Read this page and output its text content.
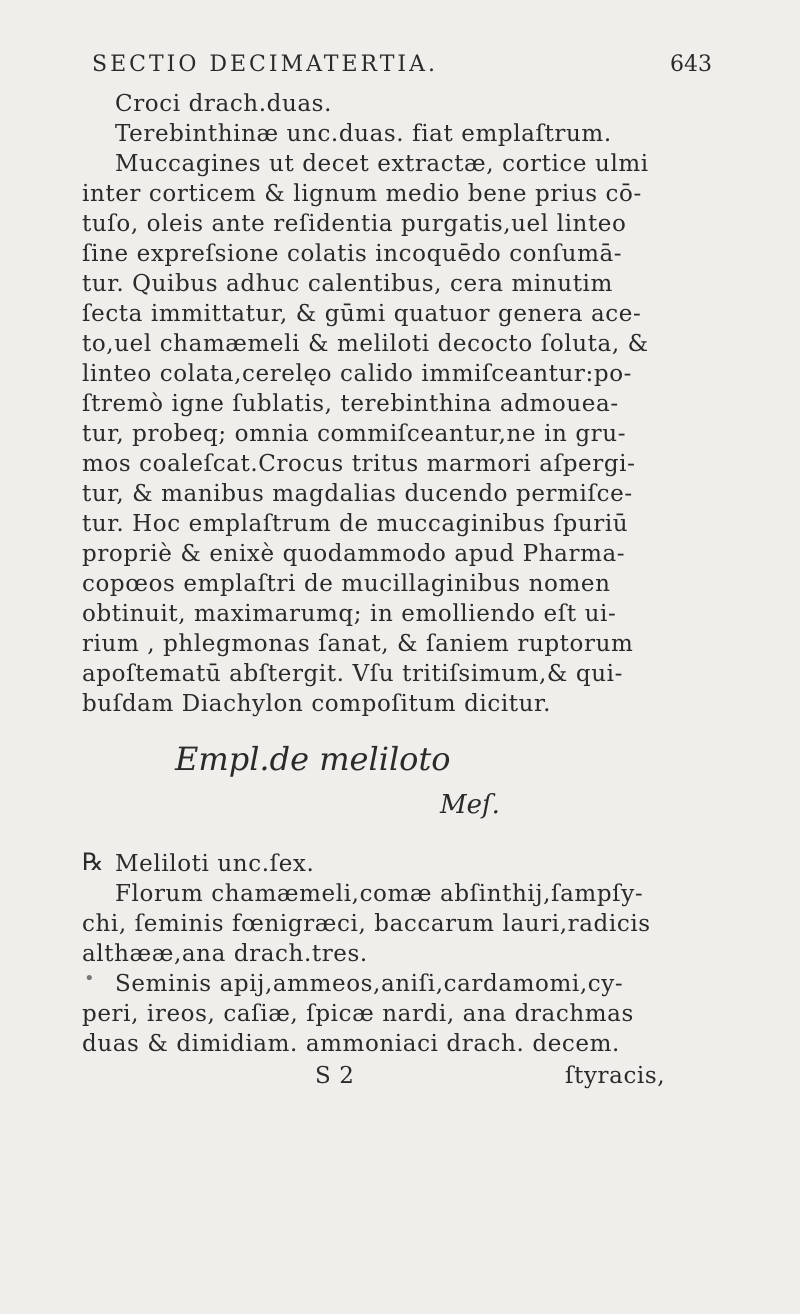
SECTIO DECIMATERTIA.	643
Croci drach.duas.
Terebinthinæ unc.duas. fiat emplaſtrum.
Muccagines ut decet extractæ, cortice ulmi
inter corticem & lignum medio bene prius cō-
tuſo, oleis ante reſidentia purgatis,uel linteo
ſine expreſsione colatis incoquēdo conſumā-
tur. Quibus adhuc calentibus, cera minutim
ſecta immittatur, & gūmi quatuor genera ace-
to,uel chamæmeli & meliloti decocto ſoluta, &
linteo colata,cerelęo calido immiſceantur:po-
ſtremò igne ſublatis, terebinthina admouea-
tur, probeq; omnia commiſceantur,ne in gru-
mos coaleſcat.Crocus tritus marmori aſpergi-
tur, & manibus magdalias ducendo permiſce-
tur. Hoc emplaſtrum de muccaginibus ſpuriū
propriè & enixè quodammodo apud Pharma-
copœos emplaſtri de mucillaginibus nomen
obtinuit, maximarumq; in emolliendo eſt ui-
rium , phlegmonas ſanat, & ſaniem ruptorum
apoſtematū abſtergit. Vſu tritiſsimum,& qui-
buſdam Diachylon compoſitum dicitur.
Empl.de meliloto
Meſ.
℞ Meliloti unc.ſex.
Florum chamæmeli,comæ abſinthij,ſampſy-
chi, ſeminis fœnigræci, baccarum lauri,radicis
althææ,ana drach.tres.
Seminis apij,ammeos,aniſi,cardamomi,cy-
peri, ireos, caſiæ, ſpicæ nardi, ana drachmas
duas & dimidiam. ammoniaci drach. decem.
S 2	ſtyracis,
•
